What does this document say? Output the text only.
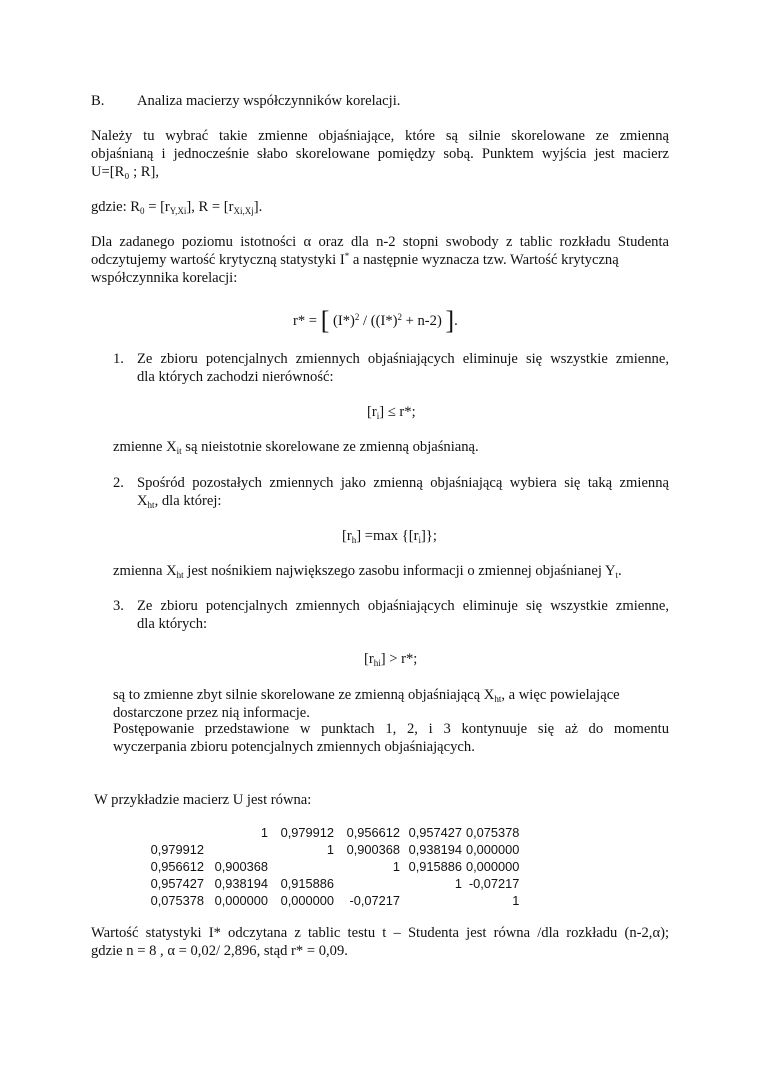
B. Analiza macierzy współczynników korelacji.
Należy tu wybrać takie zmienne objaśniające, które są silnie skorelowane ze zmienną
objaśnianą i jednocześnie słabo skorelowane pomiędzy sobą. Punktem wyjścia jest macierz
U=[R₀ ; R],
gdzie: $R_0 = [r_{Y,Xi}]$, $R = [r_{Xi,Xj}]$.
Dla zadanego poziomu istotności α oraz dla n-2 stopni swobody z tablic rozkładu Studenta
odczytujemy wartość krytyczną statystyki I* a następnie wyznacza tzw. Wartość krytyczną
współczynnika korelacji:
r* = [ $(I*)^2 / ((I*)^2 + n-2)$ ].
1. Ze zbioru potencjalnych zmiennych objaśniających eliminuje się wszystkie zmienne,
dla których zachodzi nierówność:
$[r_i] \le r*$;
zmienne $X_{it}$ są nieistotnie skorelowane ze zmienną objaśnianą.
2. Spośród pozostałych zmiennych jako zmienną objaśniającą wybiera się taką zmienną
$X_{ht}$, dla której:
$[r_h] =\max$ $\{[r_i]\}$;
zmienna $X_{ht}$ jest nośnikiem największego zasobu informacji o zmiennej objaśnianej $Y_t$.
3. Ze zbioru potencjalnych zmiennych objaśniających eliminuje się wszystkie zmienne,
dla których:
$[r_{hi}] > r*$;
są to zmienne zbyt silnie skorelowane ze zmienną objaśniającą $X_{ht}$, a więc powielające
dostarczone przez nią informacje.
Postępowanie przedstawione w punktach 1, 2, i 3 kontynuuje się aż do momentu
wyczerpania zbioru potencjalnych zmiennych objaśniających.
W przykładzie macierz U jest równa:
	1	0,979912	0,956612	0,957427	0,075378
0,979912		1	0,900368	0,938194	0,000000
0,956612	0,900368		1	0,915886	0,000000
0,957427	0,938194	0,915886		1	-0,07217
0,075378	0,000000	0,000000	-0,07217		1
Wartość statystyki I* odczytana z tablic testu t – Studenta jest równa /dla rozkładu (n-2,α);
gdzie n = 8 , α = 0,02/ 2,896, stąd r* = 0,09.
